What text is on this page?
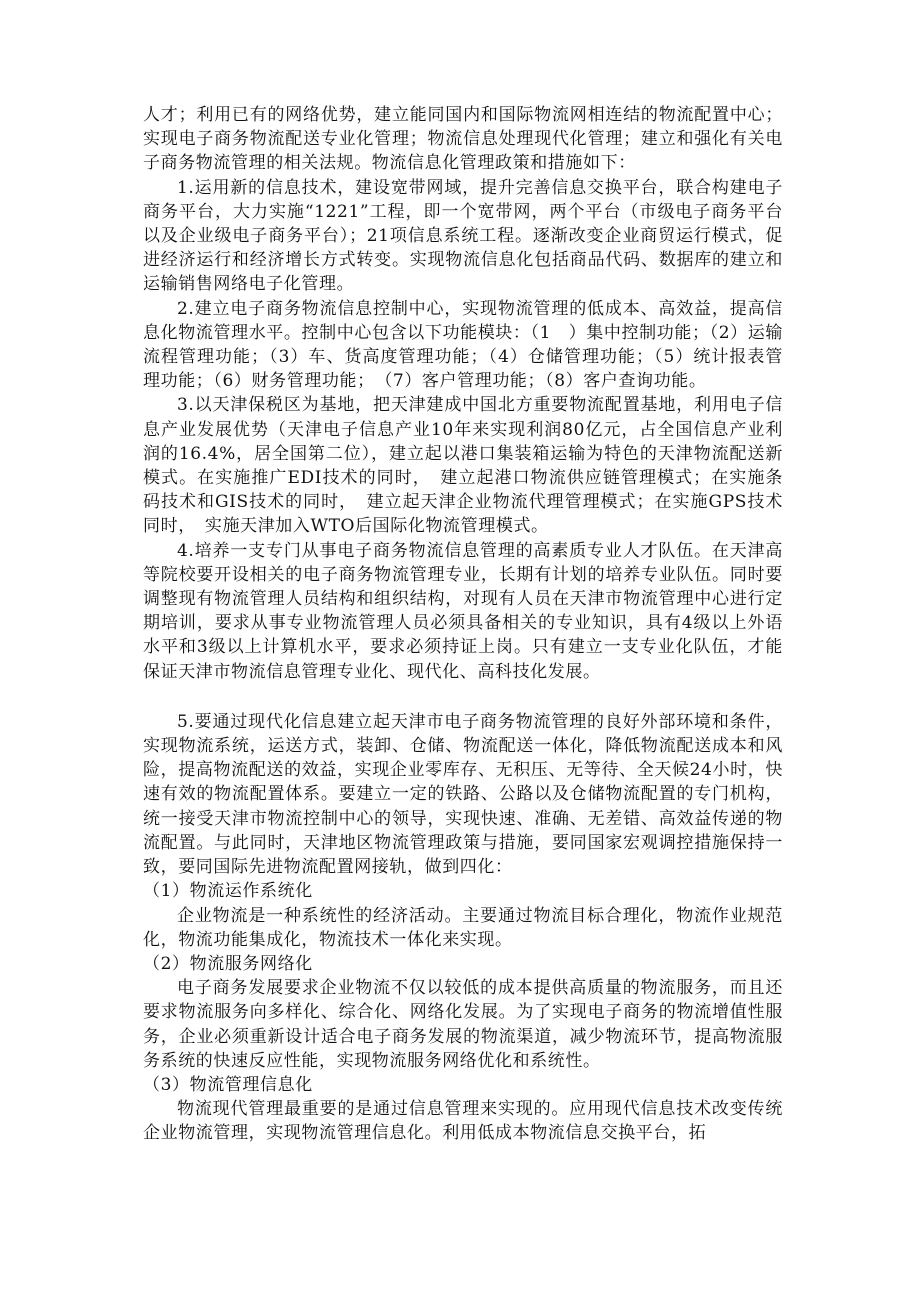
人才；利用已有的网络优势，建立能同国内和国际物流网相连结的物流配置中心；实现电子商务物流配送专业化管理；物流信息处理现代化管理；建立和强化有关电子商务物流管理的相关法规。物流信息化管理政策和措施如下：

1.运用新的信息技术，建设宽带网域，提升完善信息交换平台，联合构建电子商务平台，大力实施“1221”工程，即一个宽带网，两个平台（市级电子商务平台以及企业级电子商务平台）；21项信息系统工程。逐渐改变企业商贸运行模式，促进经济运行和经济增长方式转变。实现物流信息化包括商品代码、数据库的建立和运输销售网络电子化管理。

2.建立电子商务物流信息控制中心，实现物流管理的低成本、高效益，提高信息化物流管理水平。控制中心包含以下功能模块：（1　）集中控制功能；（2）运输流程管理功能；（3）车、货高度管理功能；（4）仓储管理功能；（5）统计报表管理功能；（6）财务管理功能；　（7）客户管理功能；（8）客户查询功能。

3.以天津保税区为基地，把天津建成中国北方重要物流配置基地，利用电子信息产业发展优势（天津电子信息产业10年来实现利润80亿元，占全国信息产业利润的16.4%，居全国第二位），建立起以港口集装箱运输为特色的天津物流配送新模式。在实施推广EDI技术的同时，　建立起港口物流供应链管理模式；在实施条码技术和GIS技术的同时，　建立起天津企业物流代理管理模式；在实施GPS技术同时，　实施天津加入WTO后国际化物流管理模式。

4.培养一支专门从事电子商务物流信息管理的高素质专业人才队伍。在天津高等院校要开设相关的电子商务物流管理专业，长期有计划的培养专业队伍。同时要调整现有物流管理人员结构和组织结构，对现有人员在天津市物流管理中心进行定期培训，要求从事专业物流管理人员必须具备相关的专业知识，具有4级以上外语水平和3级以上计算机水平，要求必须持证上岗。只有建立一支专业化队伍，才能保证天津市物流信息管理专业化、现代化、高科技化发展。

5.要通过现代化信息建立起天津市电子商务物流管理的良好外部环境和条件，实现物流系统，运送方式，装卸、仓储、物流配送一体化，降低物流配送成本和风险，提高物流配送的效益，实现企业零库存、无积压、无等待、全天候24小时，快速有效的物流配置体系。要建立一定的铁路、公路以及仓储物流配置的专门机构，统一接受天津市物流控制中心的领导，实现快速、准确、无差错、高效益传递的物流配置。与此同时，天津地区物流管理政策与措施，要同国家宏观调控措施保持一致，要同国际先进物流配置网接轨，做到四化：

（1）物流运作系统化

企业物流是一种系统性的经济活动。主要通过物流目标合理化，物流作业规范化，物流功能集成化，物流技术一体化来实现。

（2）物流服务网络化

电子商务发展要求企业物流不仅以较低的成本提供高质量的物流服务，而且还要求物流服务向多样化、综合化、网络化发展。为了实现电子商务的物流增值性服务，企业必须重新设计适合电子商务发展的物流渠道，减少物流环节，提高物流服务系统的快速反应性能，实现物流服务网络优化和系统性。

（3）物流管理信息化

物流现代管理最重要的是通过信息管理来实现的。应用现代信息技术改变传统企业物流管理，实现物流管理信息化。利用低成本物流信息交换平台，拓
